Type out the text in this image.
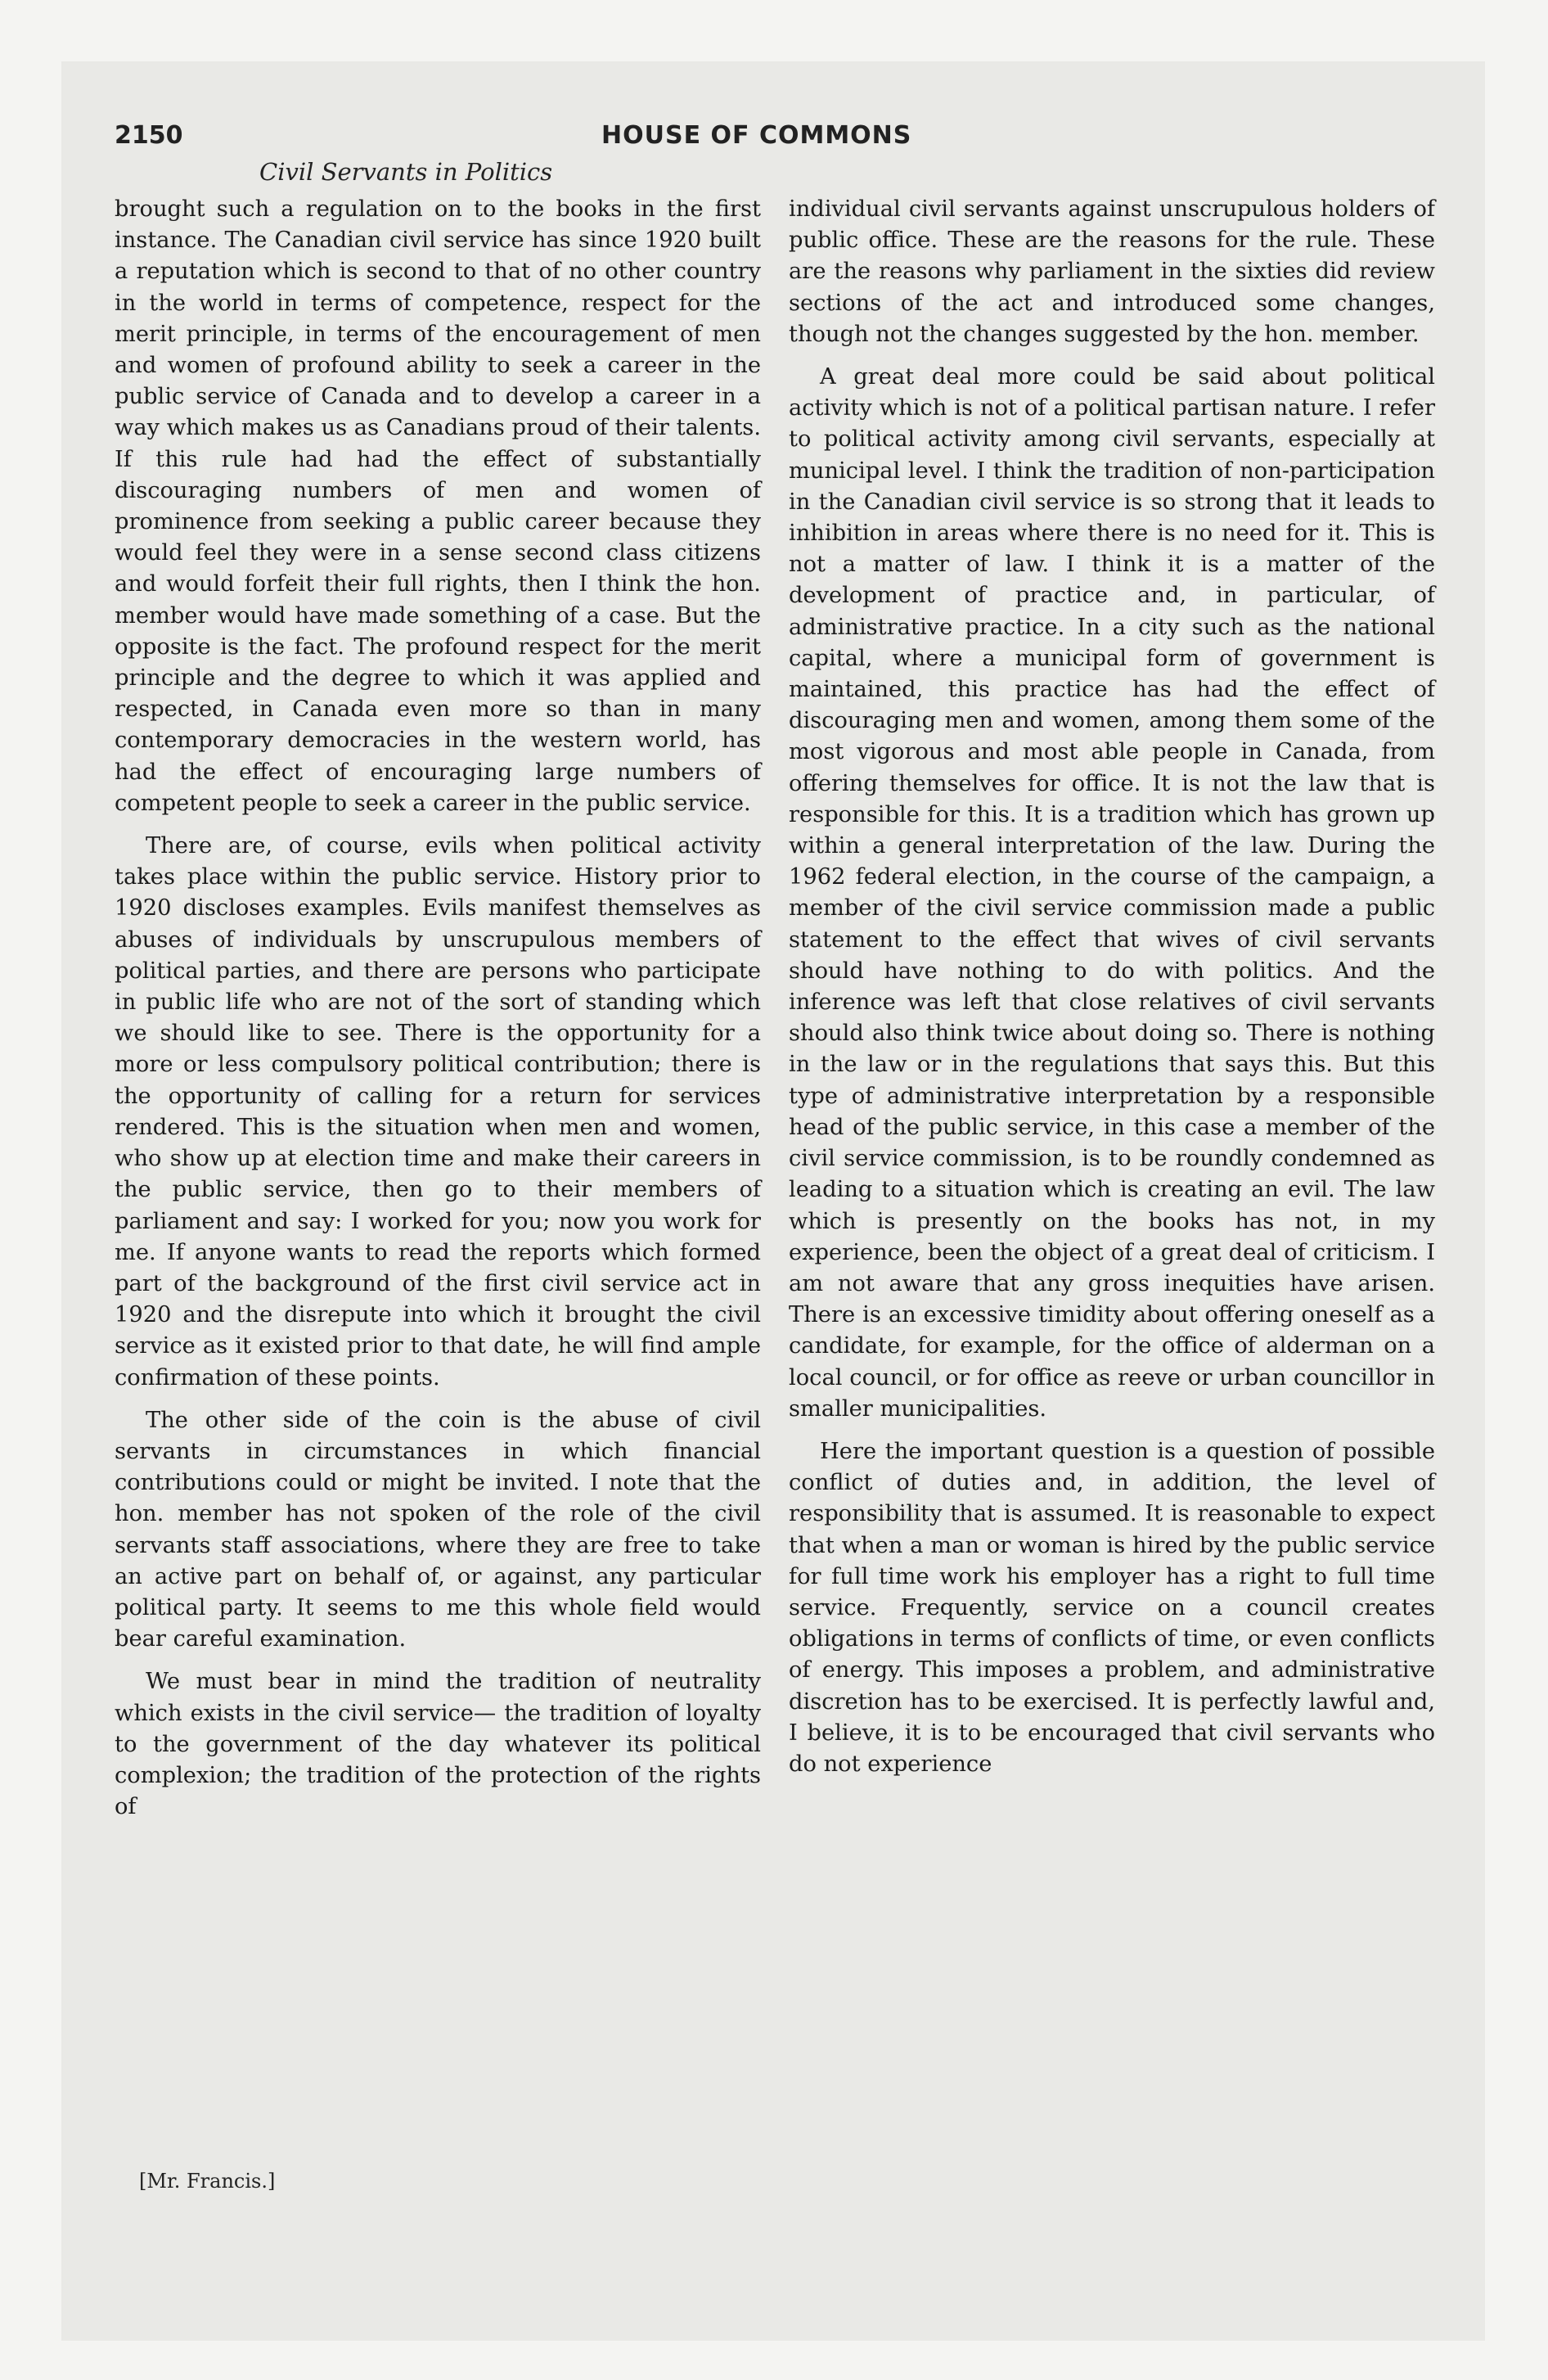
2150	HOUSE OF COMMONS
Civil Servants in Politics

brought such a regulation on to the books in the first instance. The Canadian civil service has since 1920 built a reputation which is second to that of no other country in the world in terms of competence, respect for the merit principle, in terms of the encouragement of men and women of profound ability to seek a career in the public service of Canada and to develop a career in a way which makes us as Canadians proud of their talents. If this rule had had the effect of substantially discouraging numbers of men and women of prominence from seeking a public career because they would feel they were in a sense second class citizens and would forfeit their full rights, then I think the hon. member would have made something of a case. But the opposite is the fact. The profound respect for the merit principle and the degree to which it was applied and respected, in Canada even more so than in many contemporary democracies in the western world, has had the effect of encouraging large numbers of competent people to seek a career in the public service.

There are, of course, evils when political activity takes place within the public service. History prior to 1920 discloses examples. Evils manifest themselves as abuses of individuals by unscrupulous members of political parties, and there are persons who participate in public life who are not of the sort of standing which we should like to see. There is the opportunity for a more or less compulsory political contribution; there is the opportunity of calling for a return for services rendered. This is the situation when men and women, who show up at election time and make their careers in the public service, then go to their members of parliament and say: I worked for you; now you work for me. If anyone wants to read the reports which formed part of the background of the first civil service act in 1920 and the disrepute into which it brought the civil service as it existed prior to that date, he will find ample confirmation of these points.

The other side of the coin is the abuse of civil servants in circumstances in which financial contributions could or might be invited. I note that the hon. member has not spoken of the role of the civil servants staff associations, where they are free to take an active part on behalf of, or against, any particular political party. It seems to me this whole field would bear careful examination.

We must bear in mind the tradition of neutrality which exists in the civil service— the tradition of loyalty to the government of the day whatever its political complexion; the tradition of the protection of the rights of

individual civil servants against unscrupulous holders of public office. These are the reasons for the rule. These are the reasons why parliament in the sixties did review sections of the act and introduced some changes, though not the changes suggested by the hon. member.

A great deal more could be said about political activity which is not of a political partisan nature. I refer to political activity among civil servants, especially at municipal level. I think the tradition of non-participation in the Canadian civil service is so strong that it leads to inhibition in areas where there is no need for it. This is not a matter of law. I think it is a matter of the development of practice and, in particular, of administrative practice. In a city such as the national capital, where a municipal form of government is maintained, this practice has had the effect of discouraging men and women, among them some of the most vigorous and most able people in Canada, from offering themselves for office. It is not the law that is responsible for this. It is a tradition which has grown up within a general interpretation of the law. During the 1962 federal election, in the course of the campaign, a member of the civil service commission made a public statement to the effect that wives of civil servants should have nothing to do with politics. And the inference was left that close relatives of civil servants should also think twice about doing so. There is nothing in the law or in the regulations that says this. But this type of administrative interpretation by a responsible head of the public service, in this case a member of the civil service commission, is to be roundly condemned as leading to a situation which is creating an evil. The law which is presently on the books has not, in my experience, been the object of a great deal of criticism. I am not aware that any gross inequities have arisen. There is an excessive timidity about offering oneself as a candidate, for example, for the office of alderman on a local council, or for office as reeve or urban councillor in smaller municipalities.

Here the important question is a question of possible conflict of duties and, in addition, the level of responsibility that is assumed. It is reasonable to expect that when a man or woman is hired by the public service for full time work his employer has a right to full time service. Frequently, service on a council creates obligations in terms of conflicts of time, or even conflicts of energy. This imposes a problem, and administrative discretion has to be exercised. It is perfectly lawful and, I believe, it is to be encouraged that civil servants who do not experience

[Mr. Francis.]
